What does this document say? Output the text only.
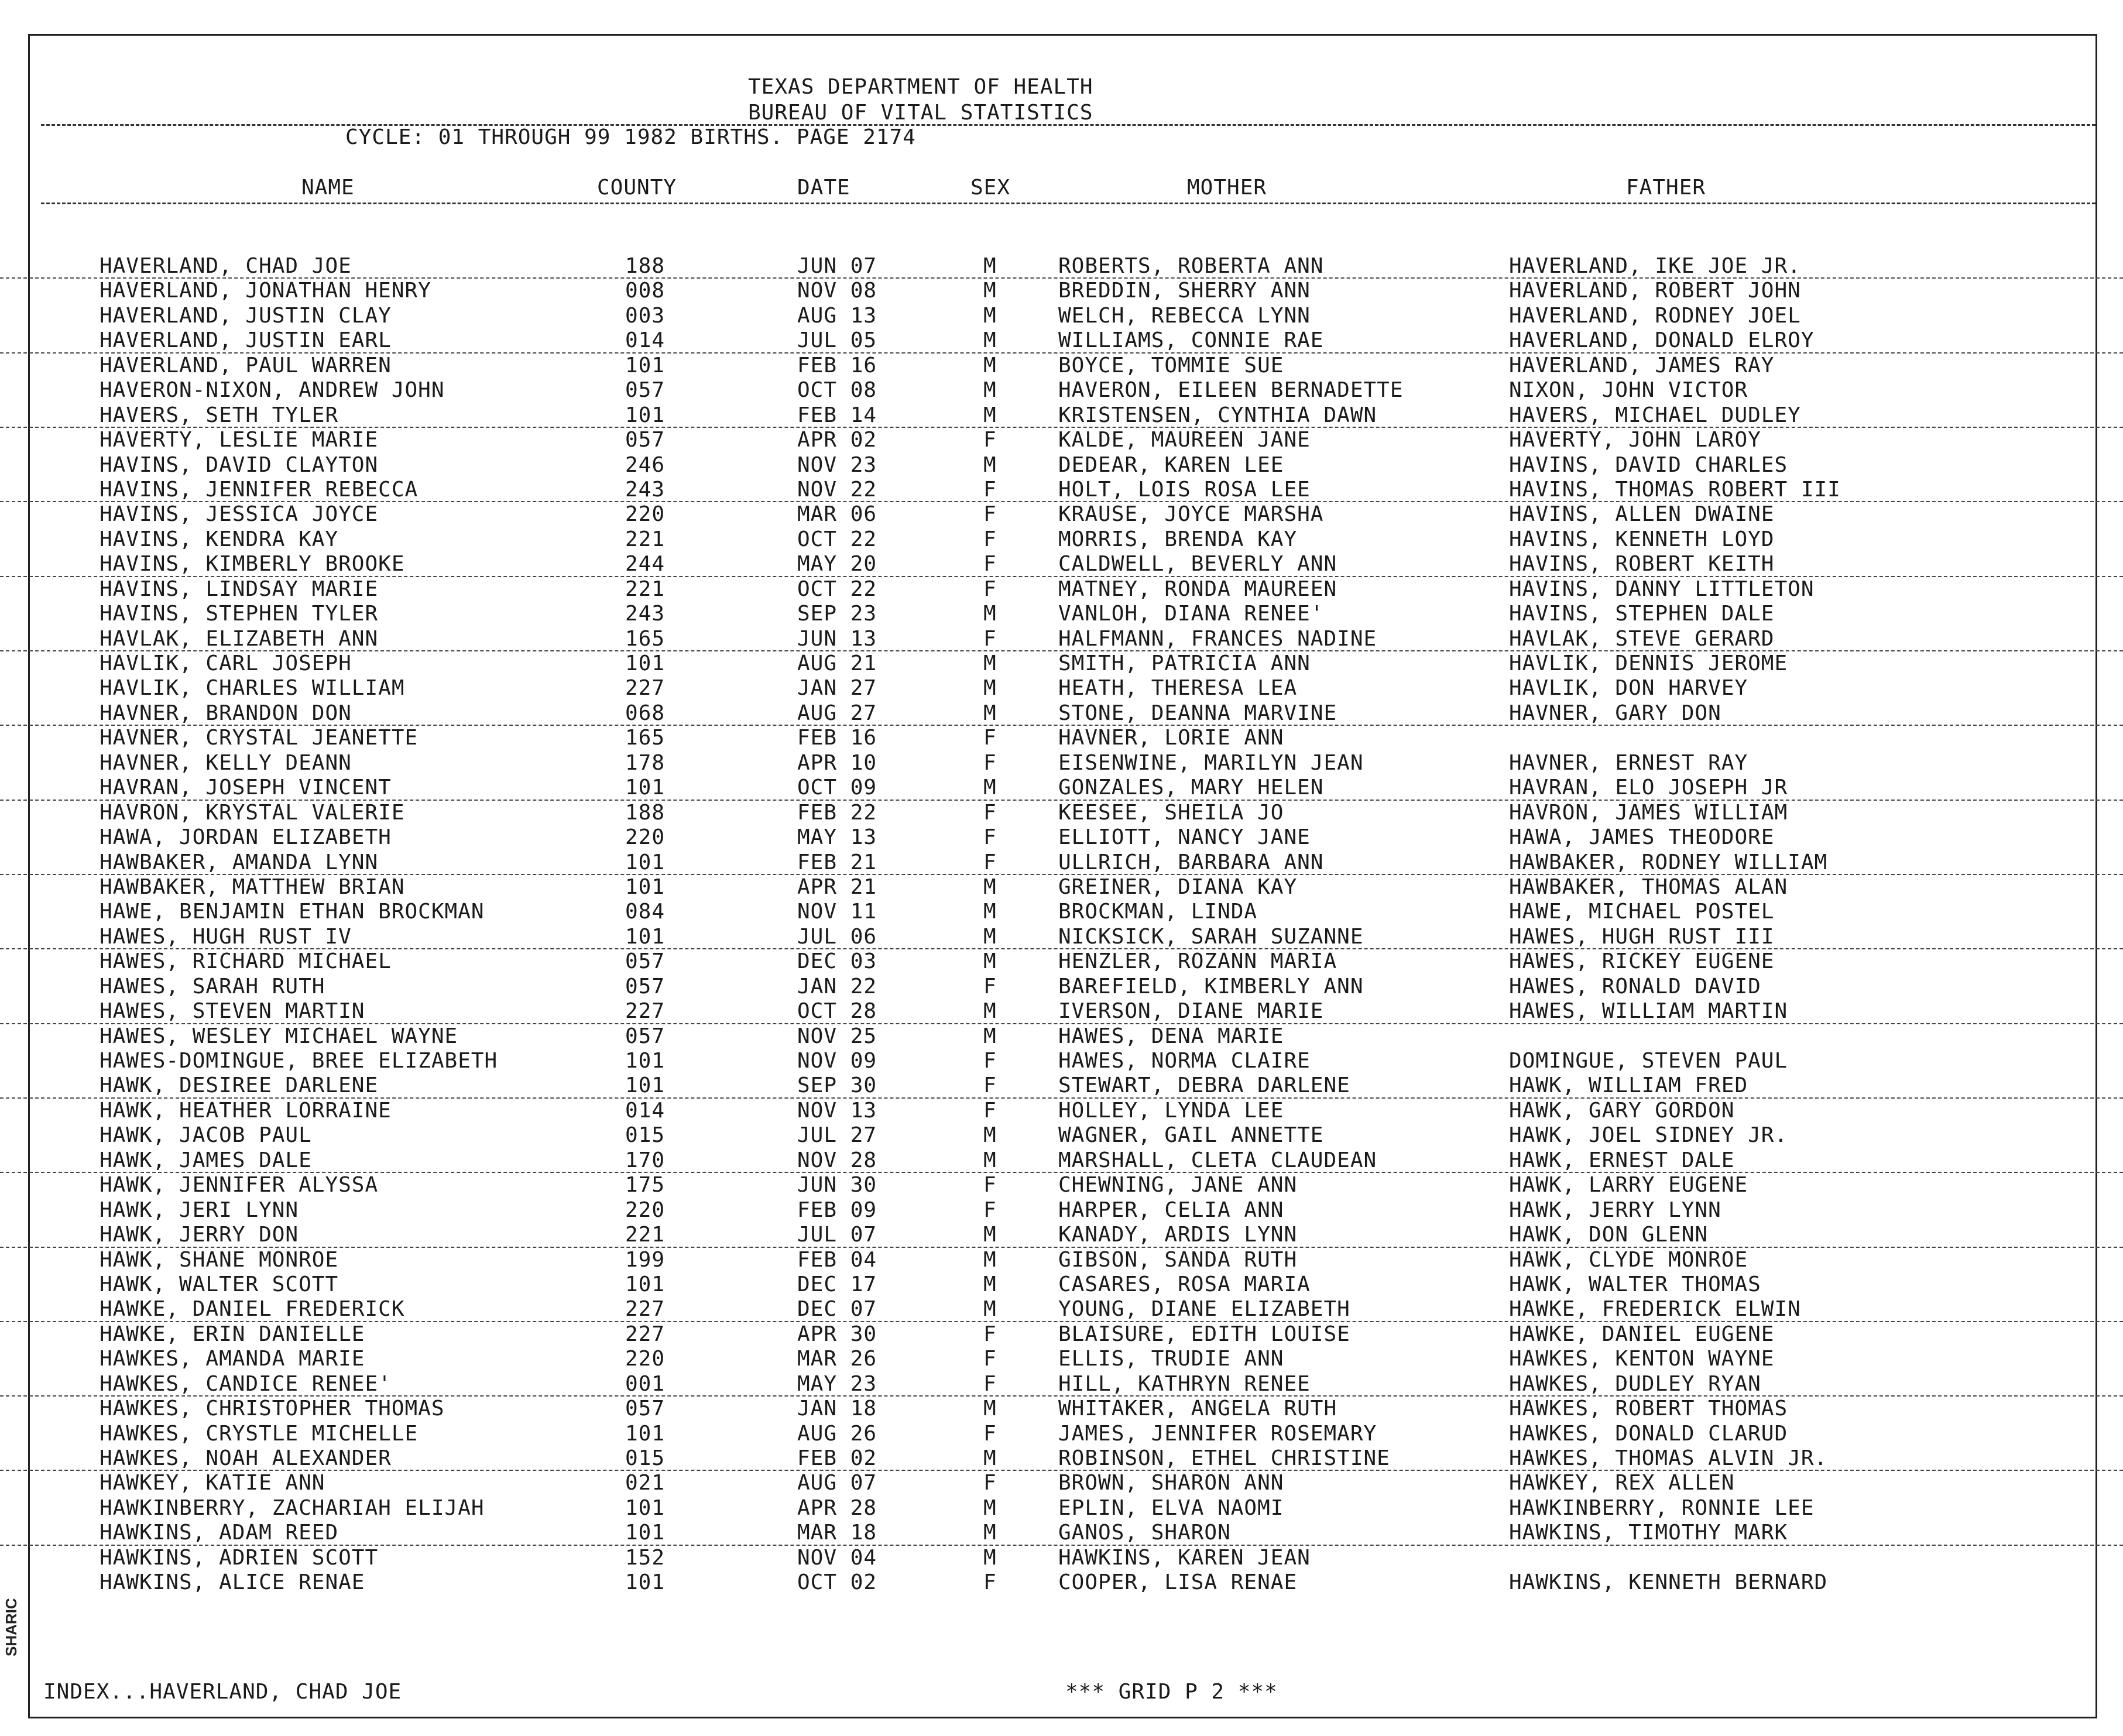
SHARIC
TEXAS DEPARTMENT OF HEALTH
BUREAU OF VITAL STATISTICS
CYCLE: 01 THROUGH 99 1982 BIRTHS. PAGE 2174
NAME	COUNTY	DATE	SEX	MOTHER	FATHER
HAVERLAND, CHAD JOE	188	JUN 07	M	ROBERTS, ROBERTA ANN	HAVERLAND, IKE JOE JR.
HAVERLAND, JONATHAN HENRY	008	NOV 08	M	BREDDIN, SHERRY ANN	HAVERLAND, ROBERT JOHN
HAVERLAND, JUSTIN CLAY	003	AUG 13	M	WELCH, REBECCA LYNN	HAVERLAND, RODNEY JOEL
HAVERLAND, JUSTIN EARL	014	JUL 05	M	WILLIAMS, CONNIE RAE	HAVERLAND, DONALD ELROY
HAVERLAND, PAUL WARREN	101	FEB 16	M	BOYCE, TOMMIE SUE	HAVERLAND, JAMES RAY
HAVERON-NIXON, ANDREW JOHN	057	OCT 08	M	HAVERON, EILEEN BERNADETTE	NIXON, JOHN VICTOR
HAVERS, SETH TYLER	101	FEB 14	M	KRISTENSEN, CYNTHIA DAWN	HAVERS, MICHAEL DUDLEY
HAVERTY, LESLIE MARIE	057	APR 02	F	KALDE, MAUREEN JANE	HAVERTY, JOHN LAROY
HAVINS, DAVID CLAYTON	246	NOV 23	M	DEDEAR, KAREN LEE	HAVINS, DAVID CHARLES
HAVINS, JENNIFER REBECCA	243	NOV 22	F	HOLT, LOIS ROSA LEE	HAVINS, THOMAS ROBERT III
HAVINS, JESSICA JOYCE	220	MAR 06	F	KRAUSE, JOYCE MARSHA	HAVINS, ALLEN DWAINE
HAVINS, KENDRA KAY	221	OCT 22	F	MORRIS, BRENDA KAY	HAVINS, KENNETH LOYD
HAVINS, KIMBERLY BROOKE	244	MAY 20	F	CALDWELL, BEVERLY ANN	HAVINS, ROBERT KEITH
HAVINS, LINDSAY MARIE	221	OCT 22	F	MATNEY, RONDA MAUREEN	HAVINS, DANNY LITTLETON
HAVINS, STEPHEN TYLER	243	SEP 23	M	VANLOH, DIANA RENEE'	HAVINS, STEPHEN DALE
HAVLAK, ELIZABETH ANN	165	JUN 13	F	HALFMANN, FRANCES NADINE	HAVLAK, STEVE GERARD
HAVLIK, CARL JOSEPH	101	AUG 21	M	SMITH, PATRICIA ANN	HAVLIK, DENNIS JEROME
HAVLIK, CHARLES WILLIAM	227	JAN 27	M	HEATH, THERESA LEA	HAVLIK, DON HARVEY
HAVNER, BRANDON DON	068	AUG 27	M	STONE, DEANNA MARVINE	HAVNER, GARY DON
HAVNER, CRYSTAL JEANETTE	165	FEB 16	F	HAVNER, LORIE ANN
HAVNER, KELLY DEANN	178	APR 10	F	EISENWINE, MARILYN JEAN	HAVNER, ERNEST RAY
HAVRAN, JOSEPH VINCENT	101	OCT 09	M	GONZALES, MARY HELEN	HAVRAN, ELO JOSEPH JR
HAVRON, KRYSTAL VALERIE	188	FEB 22	F	KEESEE, SHEILA JO	HAVRON, JAMES WILLIAM
HAWA, JORDAN ELIZABETH	220	MAY 13	F	ELLIOTT, NANCY JANE	HAWA, JAMES THEODORE
HAWBAKER, AMANDA LYNN	101	FEB 21	F	ULLRICH, BARBARA ANN	HAWBAKER, RODNEY WILLIAM
HAWBAKER, MATTHEW BRIAN	101	APR 21	M	GREINER, DIANA KAY	HAWBAKER, THOMAS ALAN
HAWE, BENJAMIN ETHAN BROCKMAN	084	NOV 11	M	BROCKMAN, LINDA	HAWE, MICHAEL POSTEL
HAWES, HUGH RUST IV	101	JUL 06	M	NICKSICK, SARAH SUZANNE	HAWES, HUGH RUST III
HAWES, RICHARD MICHAEL	057	DEC 03	M	HENZLER, ROZANN MARIA	HAWES, RICKEY EUGENE
HAWES, SARAH RUTH	057	JAN 22	F	BAREFIELD, KIMBERLY ANN	HAWES, RONALD DAVID
HAWES, STEVEN MARTIN	227	OCT 28	M	IVERSON, DIANE MARIE	HAWES, WILLIAM MARTIN
HAWES, WESLEY MICHAEL WAYNE	057	NOV 25	M	HAWES, DENA MARIE
HAWES-DOMINGUE, BREE ELIZABETH	101	NOV 09	F	HAWES, NORMA CLAIRE	DOMINGUE, STEVEN PAUL
HAWK, DESIREE DARLENE	101	SEP 30	F	STEWART, DEBRA DARLENE	HAWK, WILLIAM FRED
HAWK, HEATHER LORRAINE	014	NOV 13	F	HOLLEY, LYNDA LEE	HAWK, GARY GORDON
HAWK, JACOB PAUL	015	JUL 27	M	WAGNER, GAIL ANNETTE	HAWK, JOEL SIDNEY JR.
HAWK, JAMES DALE	170	NOV 28	M	MARSHALL, CLETA CLAUDEAN	HAWK, ERNEST DALE
HAWK, JENNIFER ALYSSA	175	JUN 30	F	CHEWNING, JANE ANN	HAWK, LARRY EUGENE
HAWK, JERI LYNN	220	FEB 09	F	HARPER, CELIA ANN	HAWK, JERRY LYNN
HAWK, JERRY DON	221	JUL 07	M	KANADY, ARDIS LYNN	HAWK, DON GLENN
HAWK, SHANE MONROE	199	FEB 04	M	GIBSON, SANDA RUTH	HAWK, CLYDE MONROE
HAWK, WALTER SCOTT	101	DEC 17	M	CASARES, ROSA MARIA	HAWK, WALTER THOMAS
HAWKE, DANIEL FREDERICK	227	DEC 07	M	YOUNG, DIANE ELIZABETH	HAWKE, FREDERICK ELWIN
HAWKE, ERIN DANIELLE	227	APR 30	F	BLAISURE, EDITH LOUISE	HAWKE, DANIEL EUGENE
HAWKES, AMANDA MARIE	220	MAR 26	F	ELLIS, TRUDIE ANN	HAWKES, KENTON WAYNE
HAWKES, CANDICE RENEE'	001	MAY 23	F	HILL, KATHRYN RENEE	HAWKES, DUDLEY RYAN
HAWKES, CHRISTOPHER THOMAS	057	JAN 18	M	WHITAKER, ANGELA RUTH	HAWKES, ROBERT THOMAS
HAWKES, CRYSTLE MICHELLE	101	AUG 26	F	JAMES, JENNIFER ROSEMARY	HAWKES, DONALD CLARUD
HAWKES, NOAH ALEXANDER	015	FEB 02	M	ROBINSON, ETHEL CHRISTINE	HAWKES, THOMAS ALVIN JR.
HAWKEY, KATIE ANN	021	AUG 07	F	BROWN, SHARON ANN	HAWKEY, REX ALLEN
HAWKINBERRY, ZACHARIAH ELIJAH	101	APR 28	M	EPLIN, ELVA NAOMI	HAWKINBERRY, RONNIE LEE
HAWKINS, ADAM REED	101	MAR 18	M	GANOS, SHARON	HAWKINS, TIMOTHY MARK
HAWKINS, ADRIEN SCOTT	152	NOV 04	M	HAWKINS, KAREN JEAN
HAWKINS, ALICE RENAE	101	OCT 02	F	COOPER, LISA RENAE	HAWKINS, KENNETH BERNARD
INDEX...HAVERLAND, CHAD JOE	*** GRID P 2 ***
